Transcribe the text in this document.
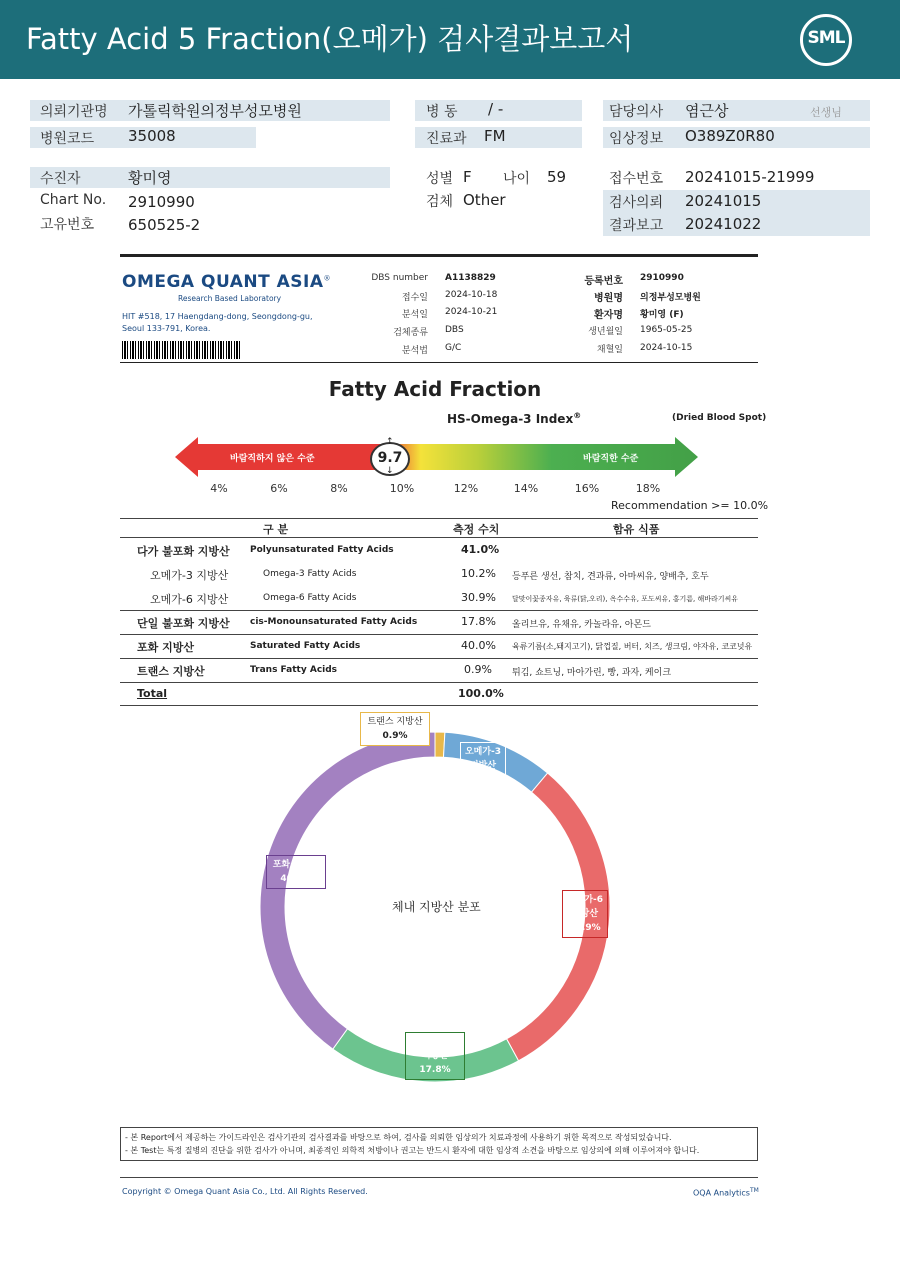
Fatty Acid 5 Fraction(오메가) 검사결과보고서	SML
의뢰기관명 가톨릭학원의정부성모병원
병원코드 35008
병 동 / -
진료과 FM
담당의사 염근상	선생님
임상정보 O389Z0R80
수진자	황미영
Chart No. 2910990
고유번호 650525-2
성별 F 나이 59
검체 Other
접수번호 20241015-21999
검사의뢰 20241015
결과보고 20241022
OMEGA QUANT ASIA®
Research Based Laboratory
HIT #518, 17 Haengdang-dong, Seongdong-gu,
Seoul 133-791, Korea.
DBS number A1138829
접수일 2024-10-18
분석일 2024-10-21
검체종류 DBS
분석법 G/C
등록번호 2910990
병원명 의정부성모병원
환자명 황미영 (F)
생년월일 1965-05-25
채혈일 2024-10-15
Fatty Acid Fraction
HS-Omega-3 Index®	(Dried Blood Spot)
바람직하지 않은 수준	바람직한 수준
9.7
↑
↓
4%	6%	8%	10%	12%	14%	16%	18%
Recommendation >= 10.0%
구 분	측정 수치	함유 식품
다가 불포화 지방산 Polyunsaturated Fatty Acids	41.0%
오메가-3 지방산	Omega-3 Fatty Acids	10.2% 등푸른 생선, 참치, 견과류, 아마씨유, 양배추, 호두
오메가-6 지방산	Omega-6 Fatty Acids	30.9% 달맞이꽃종자유, 육류(닭,오리), 옥수수유, 포도씨유, 홍기름, 해바라기씨유
단일 불포화 지방산 cis-Monounsaturated Fatty Acids	17.8% 올리브유, 유채유, 카놀라유, 아몬드
포화 지방산	Saturated Fatty Acids	40.0% 육류기름(소,돼지고기), 닭껍질, 버터, 치즈, 생크림, 야자유, 코코넛유
트랜스 지방산	Trans Fatty Acids	0.9% 튀김, 쇼트닝, 마아가린, 빵, 과자, 케이크
Total	100.0%
체내 지방산 분포
트랜스 지방산
0.9%
오메가-3
지방산
10.2%
오메가-6
지방산
30.9%
단일 불포화
지방산
17.8%
포화 지방산
40.0%
- 본 Report에서 제공하는 가이드라인은 검사기관의 검사결과를 바탕으로 하여, 검사를 의뢰한 임상의가 치료과정에 사용하기 위한 목적으로 작성되었습니다.
- 본 Test는 특정 질병의 진단을 위한 검사가 아니며, 최종적인 의학적 처방이나 권고는 반드시 환자에 대한 임상적 소견을 바탕으로 임상의에 의해 이루어져야 합니다.
Copyright © Omega Quant Asia Co., Ltd. All Rights Reserved.	OQA Analytics™
